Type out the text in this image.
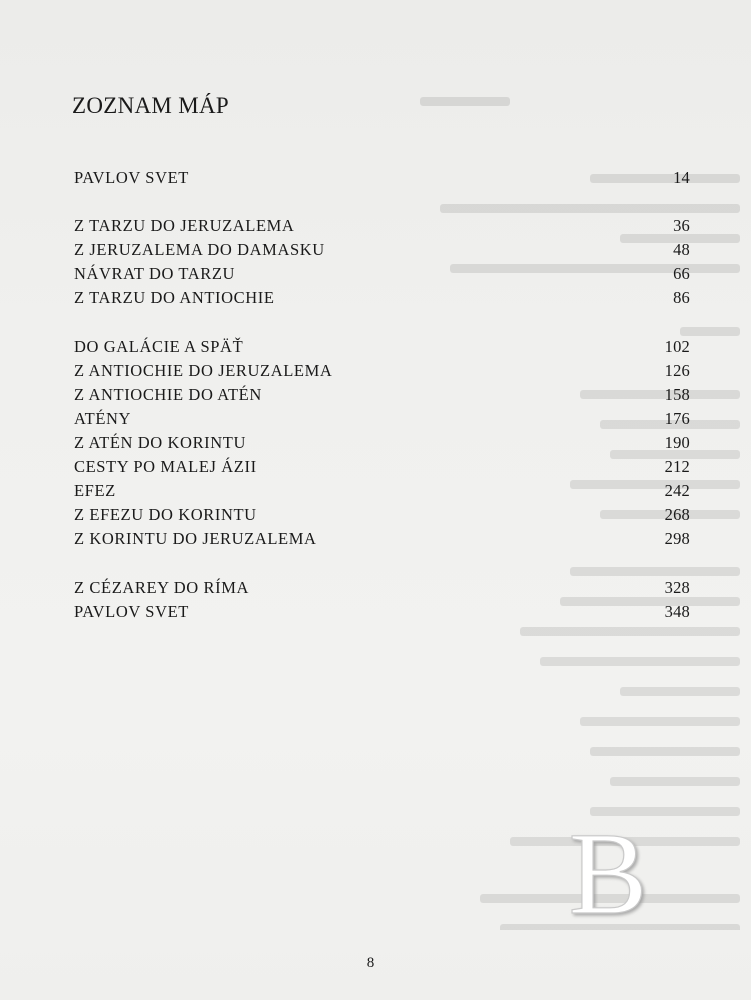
ZOZNAM MÁP
PAVLOV SVET	14
Z TARZU DO JERUZALEMA	36
Z JERUZALEMA DO DAMASKU	48
NÁVRAT DO TARZU	66
Z TARZU DO ANTIOCHIE	86
DO GALÁCIE A SPÄŤ	102
Z ANTIOCHIE DO JERUZALEMA	126
Z ANTIOCHIE DO ATÉN	158
ATÉNY	176
Z ATÉN DO KORINTU	190
CESTY PO MALEJ ÁZII	212
EFEZ	242
Z EFEZU DO KORINTU	268
Z KORINTU DO JERUZALEMA	298
Z CÉZAREY DO RÍMA	328
PAVLOV SVET	348
B
8
